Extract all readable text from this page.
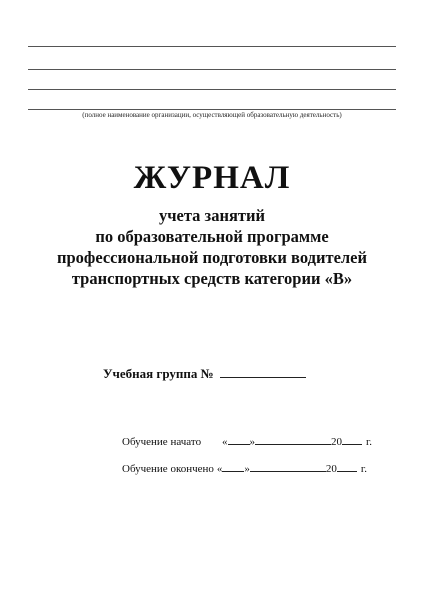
(полное наименование организации, осуществляющей образовательную деятельность)
ЖУРНАЛ
учета занятий
по образовательной программе
профессиональной подготовки водителей
транспортных средств категории «В»
Учебная группа №
Обучение начато « »	20 г.
Обучение окончено « »	20 г.
